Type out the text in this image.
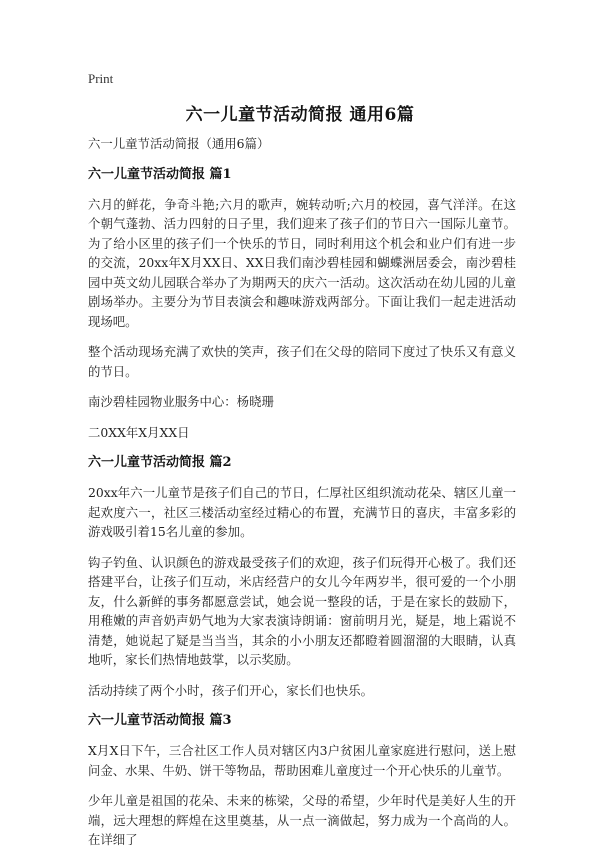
Print
六一儿童节活动简报 通用6篇

六一儿童节活动简报（通用6篇）

六一儿童节活动简报 篇1

六月的鲜花，争奇斗艳;六月的歌声，婉转动听;六月的校园，喜气洋洋。在这个朝气蓬勃、活力四射的日子里，我们迎来了孩子们的节日六一国际儿童节。为了给小区里的孩子们一个快乐的节日，同时利用这个机会和业户们有进一步的交流，20xx年X月XX日、XX日我们南沙碧桂园和蝴蝶洲居委会，南沙碧桂园中英文幼儿园联合举办了为期两天的庆六一活动。这次活动在幼儿园的儿童剧场举办。主要分为节目表演会和趣味游戏两部分。下面让我们一起走进活动现场吧。

整个活动现场充满了欢快的笑声，孩子们在父母的陪同下度过了快乐又有意义的节日。

南沙碧桂园物业服务中心：杨晓珊

二0XX年X月XX日

六一儿童节活动简报 篇2

20xx年六一儿童节是孩子们自己的节日，仁厚社区组织流动花朵、辖区儿童一起欢度六一，社区三楼活动室经过精心的布置，充满节日的喜庆，丰富多彩的游戏吸引着15名儿童的参加。

钩子钓鱼、认识颜色的游戏最受孩子们的欢迎，孩子们玩得开心极了。我们还搭建平台，让孩子们互动，米店经营户的女儿今年两岁半，很可爱的一个小朋友，什么新鲜的事务都愿意尝试，她会说一整段的话，于是在家长的鼓励下，用稚嫩的声音奶声奶气地为大家表演诗朗诵：窗前明月光，疑是，地上霜说不清楚，她说起了疑是当当当，其余的小小朋友还都瞪着圆溜溜的大眼睛，认真地听，家长们热情地鼓掌，以示奖励。

活动持续了两个小时，孩子们开心，家长们也快乐。

六一儿童节活动简报 篇3

X月X日下午，三合社区工作人员对辖区内3户贫困儿童家庭进行慰问，送上慰问金、水果、牛奶、饼干等物品，帮助困难儿童度过一个开心快乐的儿童节。

少年儿童是祖国的花朵、未来的栋梁，父母的希望，少年时代是美好人生的开端，远大理想的辉煌在这里奠基，从一点一滴做起，努力成为一个高尚的人。在详细了
